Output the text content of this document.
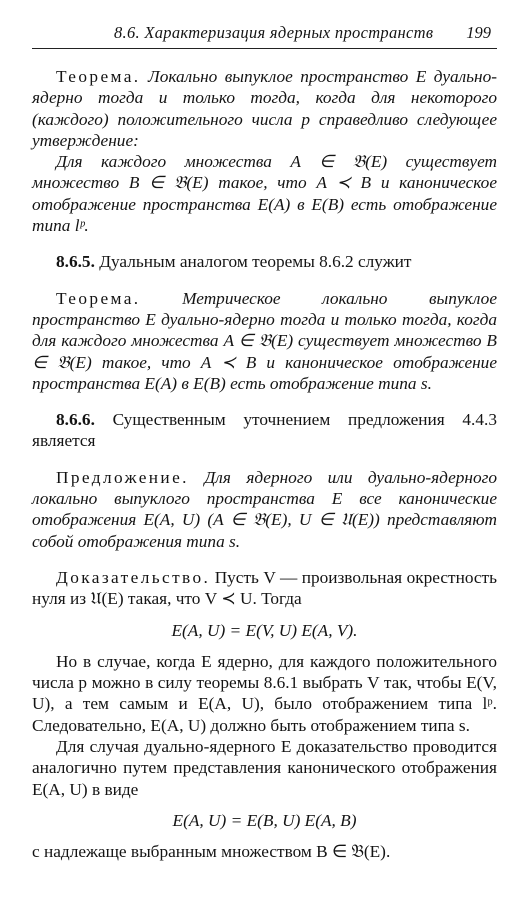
8.6. Характеризация ядерных пространств 199

Теорема. Локально выпуклое пространство E дуально-ядерно тогда и только тогда, когда для некоторого (каждого) положительного числа p справедливо следующее утверждение:

Для каждого множества A ∈ 𝔅(E) существует множество B ∈ 𝔅(E) такое, что A ≺ B и каноническое отображение пространства E(A) в E(B) есть отображение типа lᵖ.

8.6.5. Дуальным аналогом теоремы 8.6.2 служит

Теорема. Метрическое локально выпуклое пространство E дуально-ядерно тогда и только тогда, когда для каждого множества A ∈ 𝔅(E) существует множество B ∈ 𝔅(E) такое, что A ≺ B и каноническое отображение пространства E(A) в E(B) есть отображение типа s.

8.6.6. Существенным уточнением предложения 4.4.3 является

Предложение. Для ядерного или дуально-ядерного локально выпуклого пространства E все канонические отображения E(A, U) (A ∈ 𝔅(E), U ∈ 𝔘(E)) представляют собой отображения типа s.

Доказательство. Пусть V — произвольная окрестность нуля из 𝔘(E) такая, что V ≺ U. Тогда

E(A, U) = E(V, U) E(A, V).

Но в случае, когда E ядерно, для каждого положительного числа p можно в силу теоремы 8.6.1 выбрать V так, чтобы E(V, U), а тем самым и E(A, U), было отображением типа lᵖ. Следовательно, E(A, U) должно быть отображением типа s.

Для случая дуально-ядерного E доказательство проводится аналогично путем представления канонического отображения E(A, U) в виде

E(A, U) = E(B, U) E(A, B)

с надлежаще выбранным множеством B ∈ 𝔅(E).
